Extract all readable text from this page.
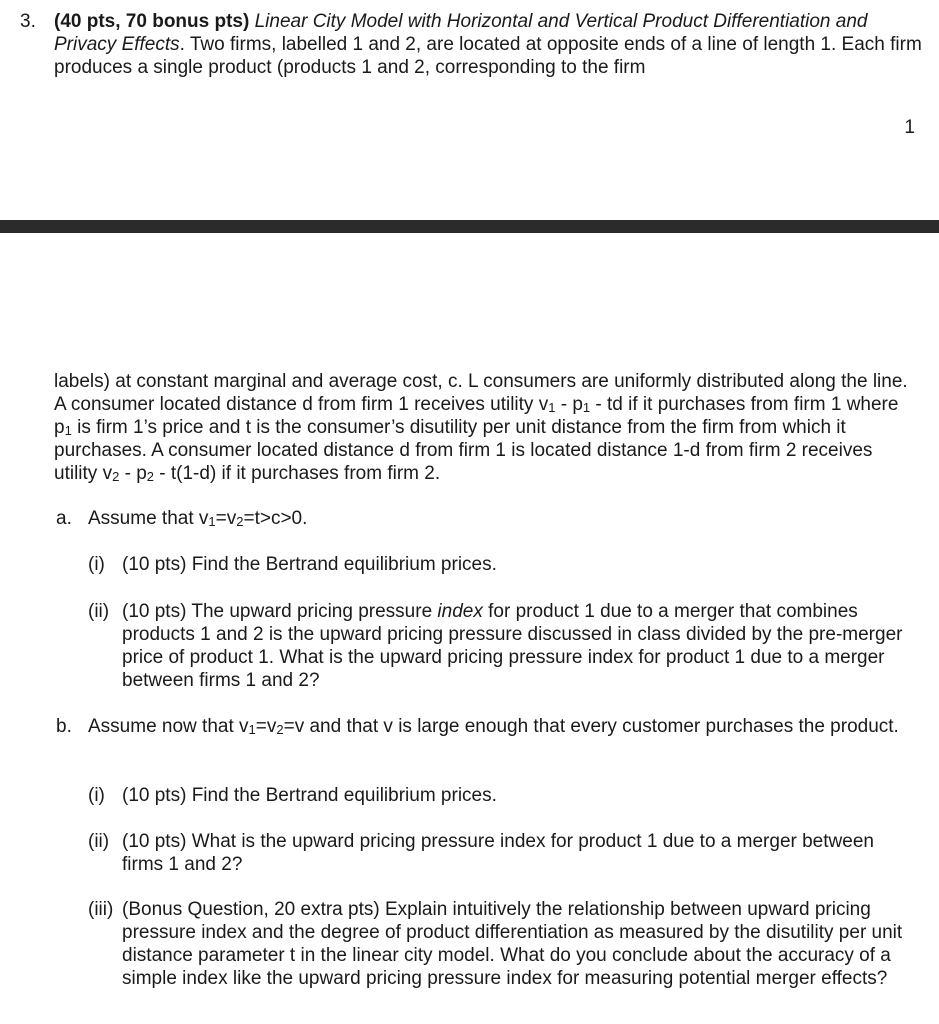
3. (40 pts, 70 bonus pts) Linear City Model with Horizontal and Vertical Product Differentiation and Privacy Effects. Two firms, labelled 1 and 2, are located at opposite ends of a line of length 1. Each firm produces a single product (products 1 and 2, corresponding to the firm
1
labels) at constant marginal and average cost, c. L consumers are uniformly distributed along the line. A consumer located distance d from firm 1 receives utility $v_1 - p_1$ - td if it purchases from firm 1 where $p_1$ is firm 1’s price and t is the consumer’s disutility per unit distance from the firm from which it purchases. A consumer located distance d from firm 1 is located distance 1-d from firm 2 receives utility $v_2 - p_2 - t(1-d)$ if it purchases from firm 2.
a. Assume that $v_1=v_2=t>c>0$.
(i) (10 pts) Find the Bertrand equilibrium prices.
(ii) (10 pts) The upward pricing pressure index for product 1 due to a merger that combines products 1 and 2 is the upward pricing pressure discussed in class divided by the pre-merger price of product 1. What is the upward pricing pressure index for product 1 due to a merger between firms 1 and 2?
b. Assume now that $v_1=v_2=v$ and that v is large enough that every customer purchases the product.
(i) (10 pts) Find the Bertrand equilibrium prices.
(ii) (10 pts) What is the upward pricing pressure index for product 1 due to a merger between firms 1 and 2?
(iii) (Bonus Question, 20 extra pts) Explain intuitively the relationship between upward pricing pressure index and the degree of product differentiation as measured by the disutility per unit distance parameter t in the linear city model. What do you conclude about the accuracy of a simple index like the upward pricing pressure index for measuring potential merger effects?
